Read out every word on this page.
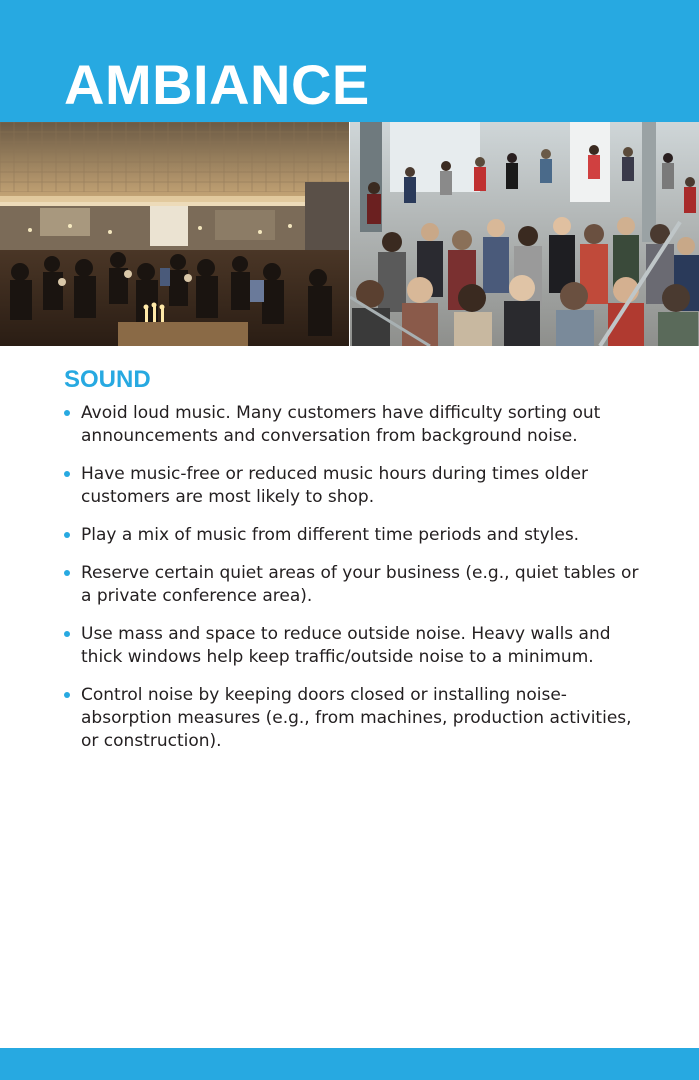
AMBIANCE
SOUND
Avoid loud music. Many customers have difficulty sorting out announcements and conversation from background noise.
Have music-free or reduced music hours during times older customers are most likely to shop.
Play a mix of music from different time periods and styles.
Reserve certain quiet areas of your business (e.g., quiet tables or a private conference area).
Use mass and space to reduce outside noise. Heavy walls and thick windows help keep traffic/outside noise to a minimum.
Control noise by keeping doors closed or installing noise-absorption measures (e.g., from machines, production activities, or construction).
